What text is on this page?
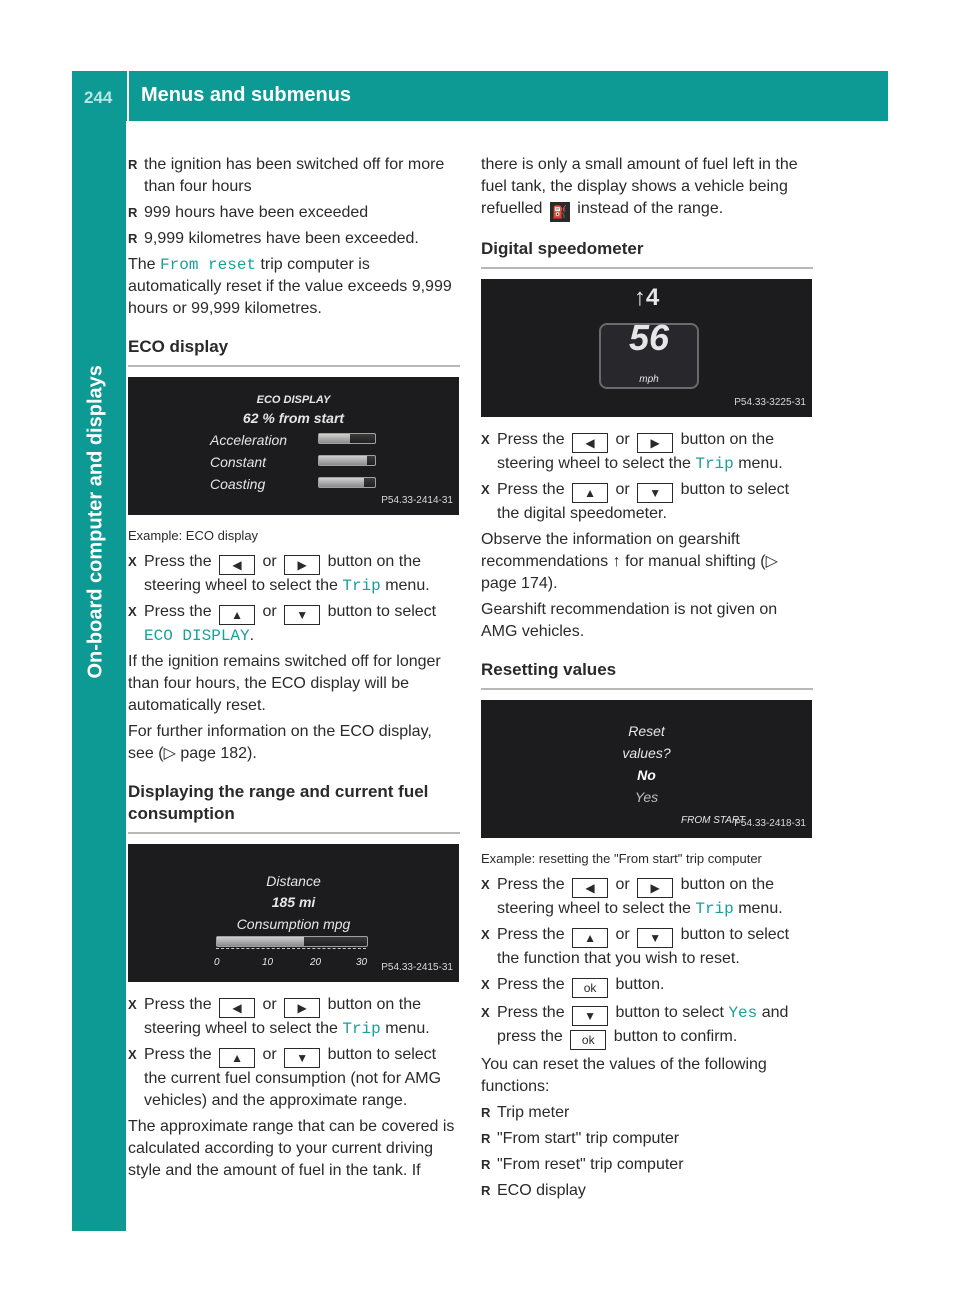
244	Menus and submenus
On-board computer and displays
R the ignition has been switched off for more than four hours
R 999 hours have been exceeded
R 9,999 kilometres have been exceeded.

The From reset trip computer is automatically reset if the value exceeds 9,999 hours or 99,999 kilometres.

ECO display
ECO DISPLAY
62 % from start
Acceleration
Constant
Coasting
P54.33-2414-31
Example: ECO display
X Press the ◀ or ▶ button on the steering wheel to select the Trip menu.
X Press the ▲ or ▼ button to select ECO DISPLAY.

If the ignition remains switched off for longer than four hours, the ECO display will be automatically reset.

For further information on the ECO display, see (▷ page 182).

Displaying the range and current fuel consumption
Distance
185 mi
Consumption mpg
0	10	20	30 P54.33-2415-31
X Press the ◀ or ▶ button on the steering wheel to select the Trip menu.
X Press the ▲ or ▼ button to select the current fuel consumption (not for AMG vehicles) and the approximate range.

The approximate range that can be covered is calculated according to your current driving style and the amount of fuel in the tank. If

there is only a small amount of fuel left in the fuel tank, the display shows a vehicle being refuelled ⛽ instead of the range.

Digital speedometer
↑4
56
mph
P54.33-3225-31
X Press the ◀ or ▶ button on the steering wheel to select the Trip menu.
X Press the ▲ or ▼ button to select the digital speedometer.

Observe the information on gearshift recommendations ↑ for manual shifting (▷ page 174).

Gearshift recommendation is not given on AMG vehicles.

Resetting values
Reset
values?
No
Yes
FROM START
P54.33-2418-31
Example: resetting the "From start" trip computer
X Press the ◀ or ▶ button on the steering wheel to select the Trip menu.
X Press the ▲ or ▼ button to select the function that you wish to reset.
X Press the ok button.
X Press the ▼ button to select Yes and press the ok button to confirm.

You can reset the values of the following functions:

R Trip meter
R "From start" trip computer
R "From reset" trip computer
R ECO display
